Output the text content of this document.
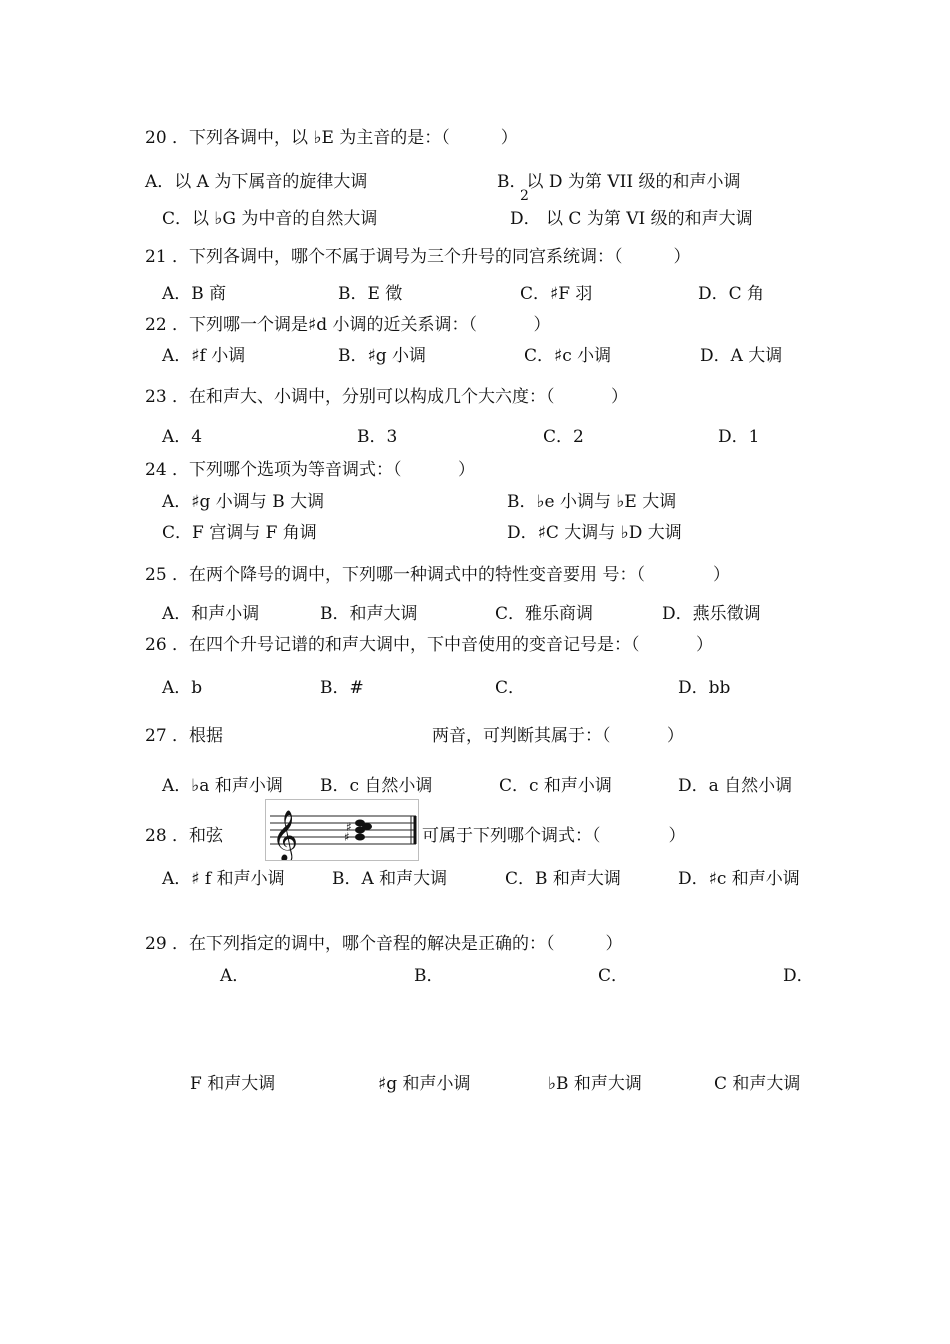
20 ．下列各调中，以 ♭E 为主音的是：（　　　）
A．以 A 为下属音的旋律大调	B．以 D 为第 VII 级的和声小调
2
C．以 ♭G 为中音的自然大调	D． 以 C 为第 VI 级的和声大调
21 ．下列各调中，哪个不属于调号为三个升号的同宫系统调：（　　　）
A．B 商	B．E 徵	C．♯F 羽	D．C 角
22 ．下列哪一个调是♯d 小调的近关系调：（　　　 ）
A．♯f 小调	B．♯g 小调	C．♯c 小调	D．A 大调
23 ．在和声大、小调中，分别可以构成几个大六度：（　　　 ）
A．4	B．3	C．2	D．1
24 ．下列哪个选项为等音调式：（　　　 ）
A．♯g 小调与 B 大调	B．♭e 小调与 ♭E 大调
C．F 宫调与 F 角调	D．♯C 大调与 ♭D 大调
25 ．在两个降号的调中，下列哪一种调式中的特性变音要用 号：（　　　　）
A．和声小调	B．和声大调	C．雅乐商调	D．燕乐徵调
26 ．在四个升号记谱的和声大调中，下中音使用的变音记号是：（　　　 ）
A．b	B．#	C．	D．bb
27 ．根据	两音，可判断其属于：（　　　 ）
A．♭a 和声小调 B．c 自然小调	C．c 和声小调	D．a 自然小调
28 ．和弦 𝄞	♯
♯	可属于下列哪个调式：（　　　　）
A．♯ f 和声小调	B．A 和声大调	C．B 和声大调	D．♯c 和声小调
29 ．在下列指定的调中，哪个音程的解决是正确的：（　　　）
A．	B．	C．	D．
F 和声大调	♯g 和声小调	♭B 和声大调	C 和声大调
